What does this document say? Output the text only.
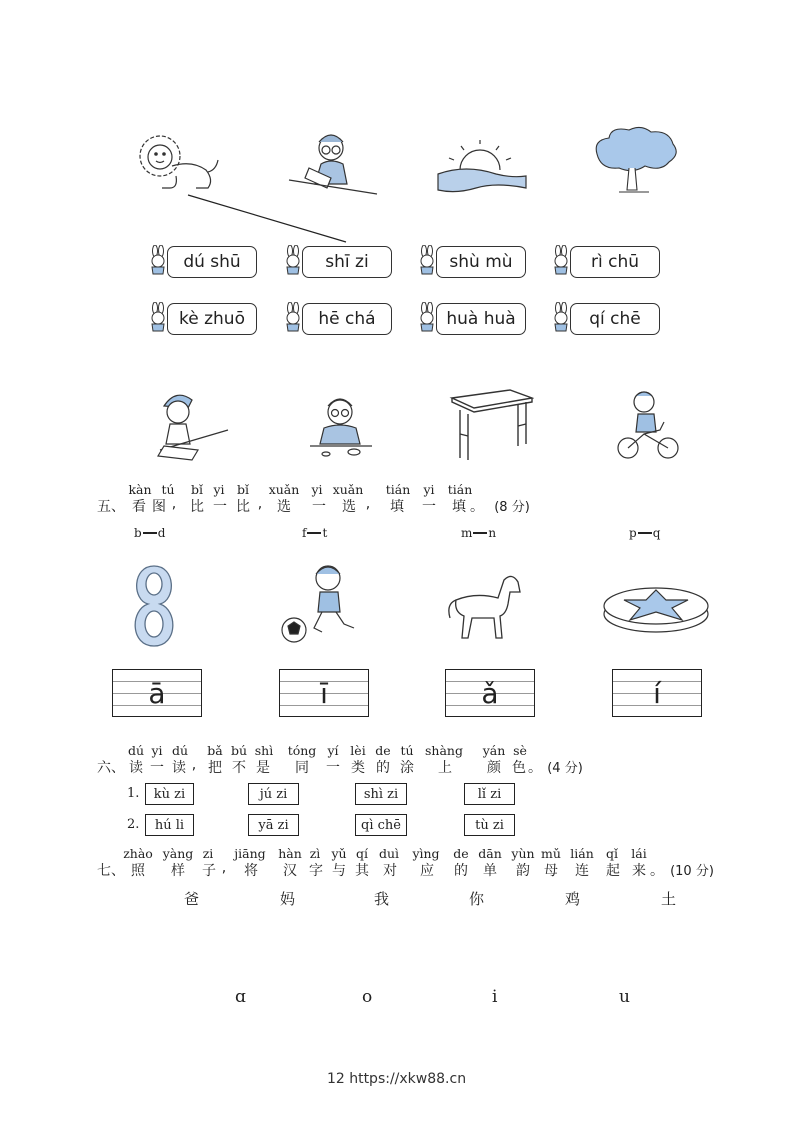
dú shū	shī zi	shù mù	rì chū
kè zhuō	hē chá	huà huà	qí chē
kàn tú	bǐ yi bǐ	xuǎn yi xuǎn	tián	yi	tián
五、 看 图 , 比 一 比 , 选 一 选 , 填 一 填 。 (8 分)
b d	f t	m n	p q
ā	ī	ǎ	í
dú yi dú	bǎ bú shì tóng yí lèi de tú shàng	yán sè
六、 读 一 读 , 把 不 是 同 一 类 的 涂 上	颜 色 。 (4 分)
1.	kù zi	jú zi	shì zi	lǐ zi
2.	hú li	yā zi	qì chē	tù zi
zhào yàng zi	jiāng	hàn zì yǔ qí duì	yìng	de dān yùn mǔ lián qǐ	lái
七、 照 样 子 , 将 汉 字 与 其 对 应 的 单 韵 母 连 起 来 。 (10 分)
爸	妈	我	你	鸡	土
ɑ	o	i	u
12 https://xkw88.cn
